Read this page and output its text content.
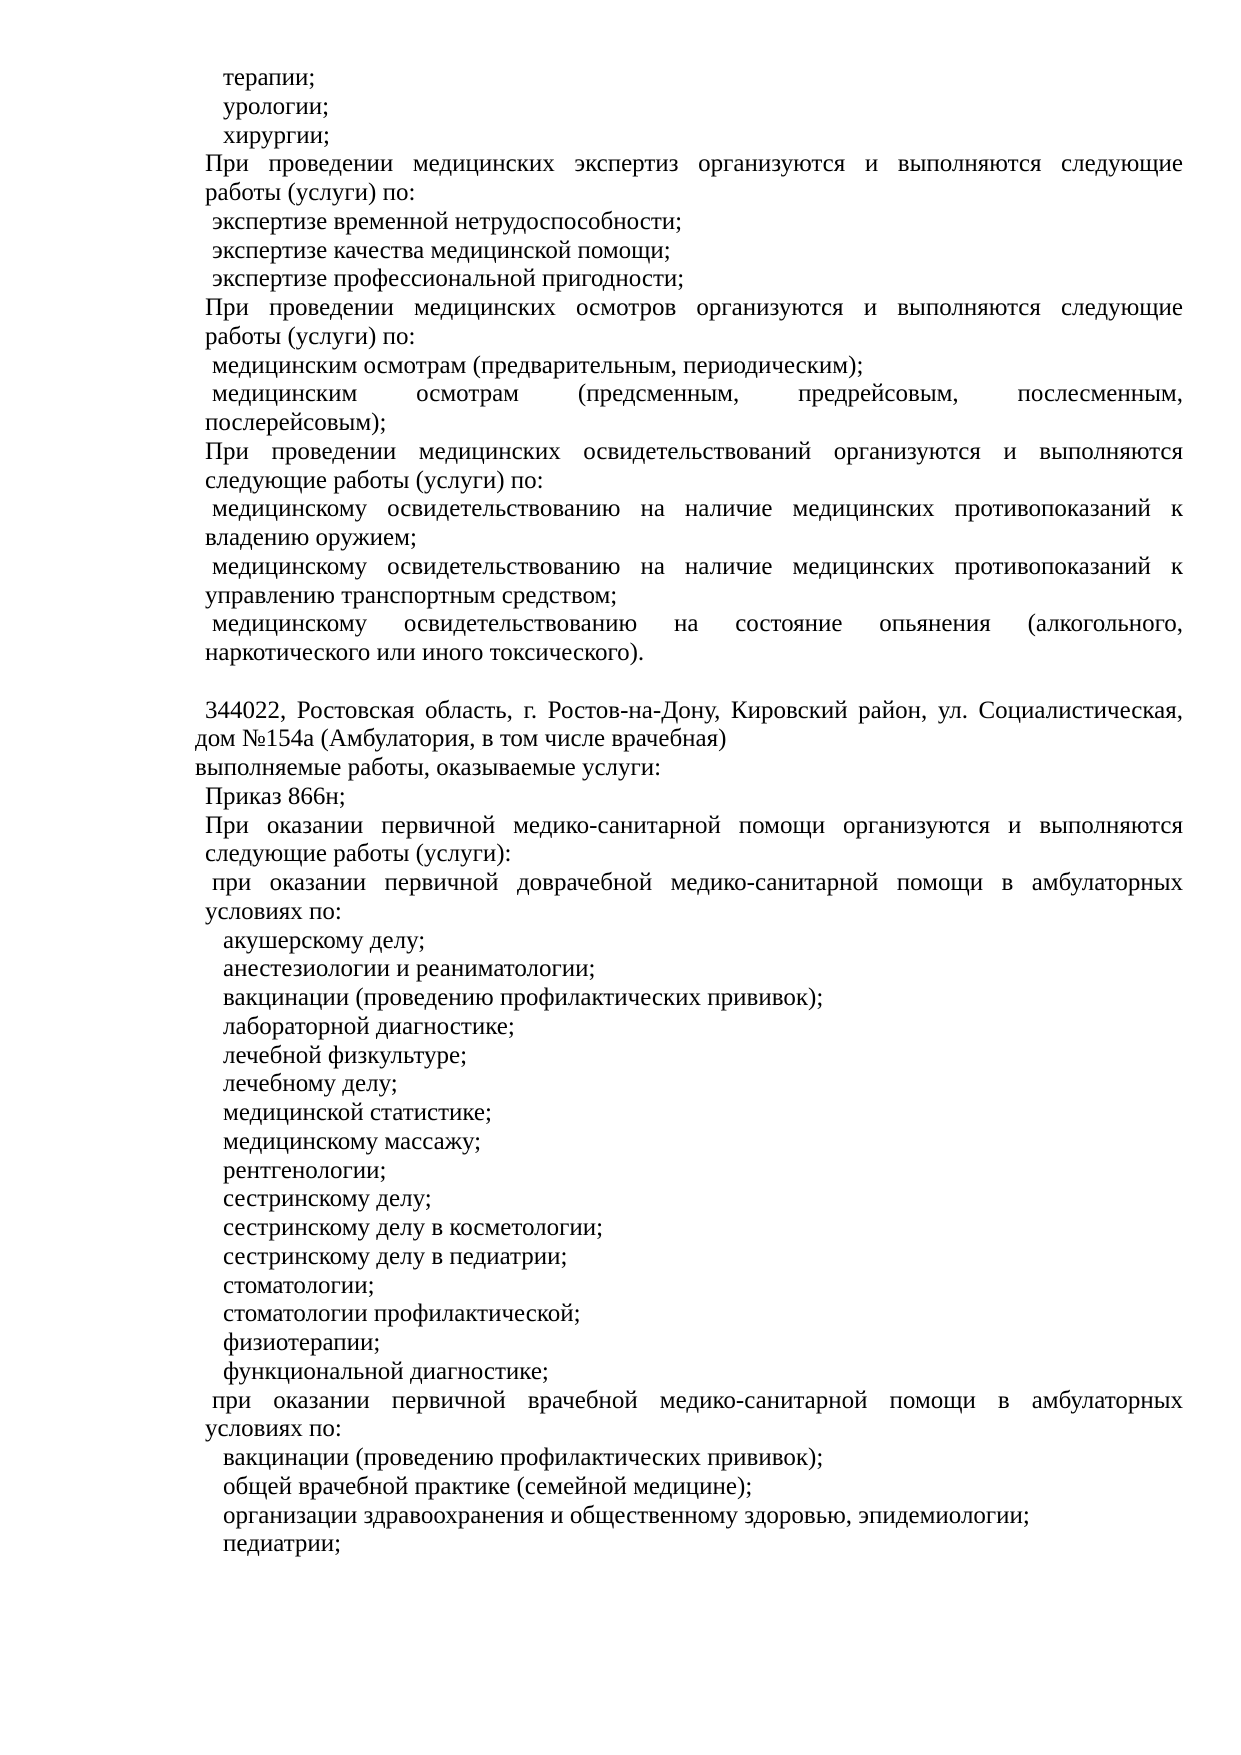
терапии;
урологии;
хирургии;
При проведении медицинских экспертиз организуются и выполняются следующие
работы (услуги) по:
экспертизе временной нетрудоспособности;
экспертизе качества медицинской помощи;
экспертизе профессиональной пригодности;
При проведении медицинских осмотров организуются и выполняются следующие
работы (услуги) по:
медицинским осмотрам (предварительным, периодическим);
медицинским осмотрам (предсменным, предрейсовым, послесменным,
послерейсовым);
При проведении медицинских освидетельствований организуются и выполняются
следующие работы (услуги) по:
медицинскому освидетельствованию на наличие медицинских противопоказаний к
владению оружием;
медицинскому освидетельствованию на наличие медицинских противопоказаний к
управлению транспортным средством;
медицинскому освидетельствованию на состояние опьянения (алкогольного,
наркотического или иного токсического).
344022, Ростовская область, г. Ростов-на-Дону, Кировский район, ул. Социалистическая,
дом №154а (Амбулатория, в том числе врачебная)
выполняемые работы, оказываемые услуги:
Приказ 866н;
При оказании первичной медико-санитарной помощи организуются и выполняются
следующие работы (услуги):
при оказании первичной доврачебной медико-санитарной помощи в амбулаторных
условиях по:
акушерскому делу;
анестезиологии и реаниматологии;
вакцинации (проведению профилактических прививок);
лабораторной диагностике;
лечебной физкультуре;
лечебному делу;
медицинской статистике;
медицинскому массажу;
рентгенологии;
сестринскому делу;
сестринскому делу в косметологии;
сестринскому делу в педиатрии;
стоматологии;
стоматологии профилактической;
физиотерапии;
функциональной диагностике;
при оказании первичной врачебной медико-санитарной помощи в амбулаторных
условиях по:
вакцинации (проведению профилактических прививок);
общей врачебной практике (семейной медицине);
организации здравоохранения и общественному здоровью, эпидемиологии;
педиатрии;
